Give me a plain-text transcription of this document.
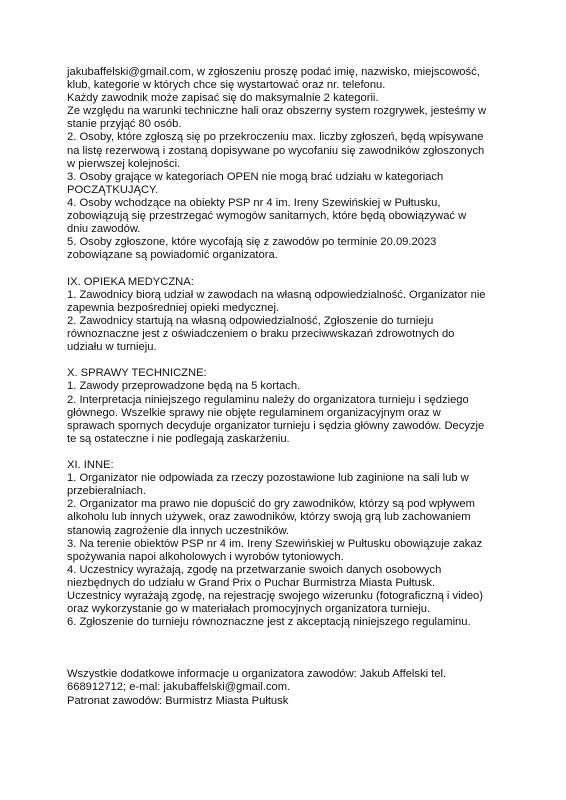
jakubaffelski@gmail.com, w zgłoszeniu proszę podać imię, nazwisko, miejscowość,
klub, kategorie w których chce się wystartować oraz nr. telefonu.
Każdy zawodnik może zapisać się do maksymalnie 2 kategorii.
Ze względu na warunki techniczne hali oraz obszerny system rozgrywek, jesteśmy w
stanie przyjąć 80 osób.
2. Osoby, które zgłoszą się po przekroczeniu max. liczby zgłoszeń, będą wpisywane
na listę rezerwową i zostaną dopisywane po wycofaniu się zawodników zgłoszonych
w pierwszej kolejności.
3. Osoby grające w kategoriach OPEN nie mogą brać udziału w kategoriach
POCZĄTKUJĄCY.
4. Osoby wchodzące na obiekty PSP nr 4 im. Ireny Szewińskiej w Pułtusku,
zobowiązują się przestrzegać wymogów sanitarnych, które będą obowiązywać w
dniu zawodów.
5. Osoby zgłoszone, które wycofają się z zawodów po terminie 20.09.2023
zobowiązane są powiadomić organizatora.
IX. OPIEKA MEDYCZNA:
1. Zawodnicy biorą udział w zawodach na własną odpowiedzialność. Organizator nie
zapewnia bezpośredniej opieki medycznej.
2. Zawodnicy startują na własną odpowiedzialność, Zgłoszenie do turnieju
równoznaczne jest z oświadczeniem o braku przeciwwskazań zdrowotnych do
udziału w turnieju.
X. SPRAWY TECHNICZNE:
1. Zawody przeprowadzone będą na 5 kortach.
2. Interpretacja niniejszego regulaminu należy do organizatora turnieju i sędziego
głównego. Wszelkie sprawy nie objęte regulaminem organizacyjnym oraz w
sprawach spornych decyduje organizator turnieju i sędzia główny zawodów. Decyzje
te są ostateczne i nie podlegają zaskarżeniu.
XI. INNE:
1. Organizator nie odpowiada za rzeczy pozostawione lub zaginione na sali lub w
przebieralniach.
2. Organizator ma prawo nie dopuścić do gry zawodników, którzy są pod wpływem
alkoholu lub innych używek, oraz zawodników, którzy swoją grą lub zachowaniem
stanowią zagrożenie dla innych uczestników.
3. Na terenie obiektów PSP nr 4 im. Ireny Szewińskiej w Pułtusku obowiązuje zakaz
spożywania napoi alkoholowych i wyrobów tytoniowych.
4. Uczestnicy wyrażają, zgodę na przetwarzanie swoich danych osobowych
niezbędnych do udziału w Grand Prix o Puchar Burmistrza Miasta Pułtusk.
Uczestnicy wyrażają zgodę, na rejestrację swojego wizerunku (fotograficzną i video)
oraz wykorzystanie go w materiałach promocyjnych organizatora turnieju.
6. Zgłoszenie do turnieju równoznaczne jest z akceptacją niniejszego regulaminu.
Wszystkie dodatkowe informacje u organizatora zawodów: Jakub Affelski tel.
668912712; e-mal: jakubaffelski@gmail.com.
Patronat zawodów: Burmistrz Miasta Pułtusk
